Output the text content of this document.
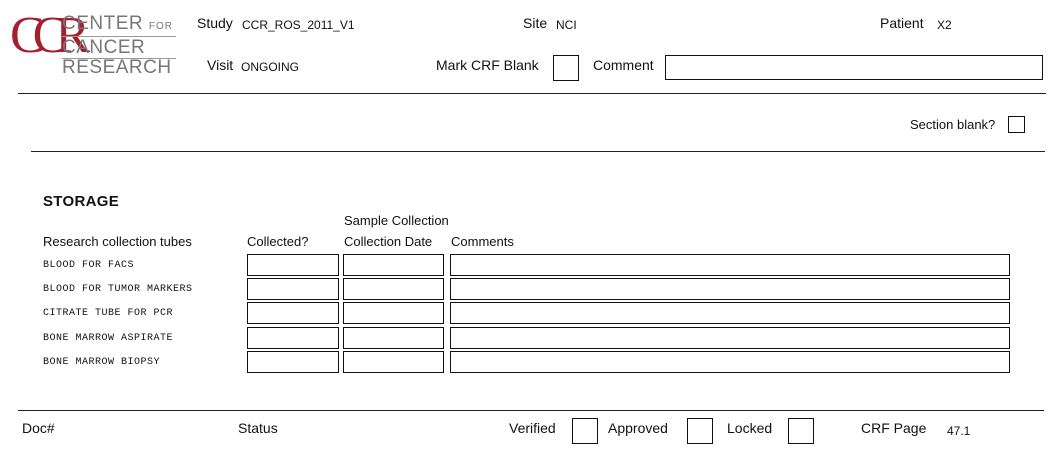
CCR
CENTER FOR
CANCER
RESEARCH
Study CCR_ROS_2011_V1	Site NCI	Patient X2
Visit ONGOING	Mark CRF Blank	Comment
Section blank?
STORAGE
Sample Collection
Research collection tubes	Collected?	Collection Date Comments
BLOOD FOR FACS
BLOOD FOR TUMOR MARKERS
CITRATE TUBE FOR PCR
BONE MARROW ASPIRATE
BONE MARROW BIOPSY
Doc#	Status	Verified	Approved	Locked	CRF Page 47.1
